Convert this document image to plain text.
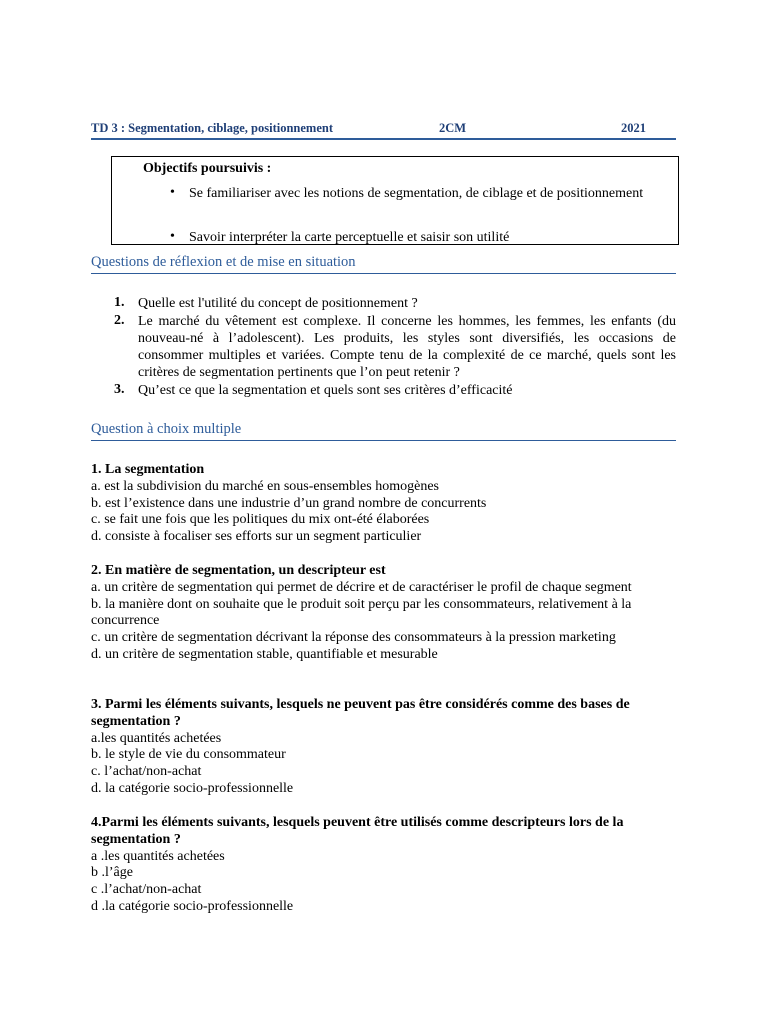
TD 3 : Segmentation, ciblage, positionnement	2CM	2021
Objectifs poursuivis :
• Se familiariser avec les notions de segmentation, de ciblage et de positionnement
• Savoir interpréter la carte perceptuelle et saisir son utilité
Questions de réflexion et de mise en situation
1. Quelle est l'utilité du concept de positionnement ?
2. Le marché du vêtement est complexe. Il concerne les hommes, les femmes, les enfants (du nouveau-né à l’adolescent). Les produits, les styles sont diversifiés, les occasions de consommer multiples et variées. Compte tenu de la complexité de ce marché, quels sont les critères de segmentation pertinents que l’on peut retenir ?
3. Qu’est ce que la segmentation et quels sont ses critères d’efficacité
Question à choix multiple
1. La segmentation
a. est la subdivision du marché en sous-ensembles homogènes
b. est l’existence dans une industrie d’un grand nombre de concurrents
c. se fait une fois que les politiques du mix ont-été élaborées
d. consiste à focaliser ses efforts sur un segment particulier
2. En matière de segmentation, un descripteur est
a. un critère de segmentation qui permet de décrire et de caractériser le profil de chaque segment
b. la manière dont on souhaite que le produit soit perçu par les consommateurs, relativement à la concurrence
c. un critère de segmentation décrivant la réponse des consommateurs à la pression marketing
d. un critère de segmentation stable, quantifiable et mesurable
3. Parmi les éléments suivants, lesquels ne peuvent pas être considérés comme des bases de segmentation ?
a.les quantités achetées
b. le style de vie du consommateur
c. l’achat/non-achat
d. la catégorie socio-professionnelle
4.Parmi les éléments suivants, lesquels peuvent être utilisés comme descripteurs lors de la segmentation ?
a .les quantités achetées
b .l’âge
c .l’achat/non-achat
d .la catégorie socio-professionnelle
